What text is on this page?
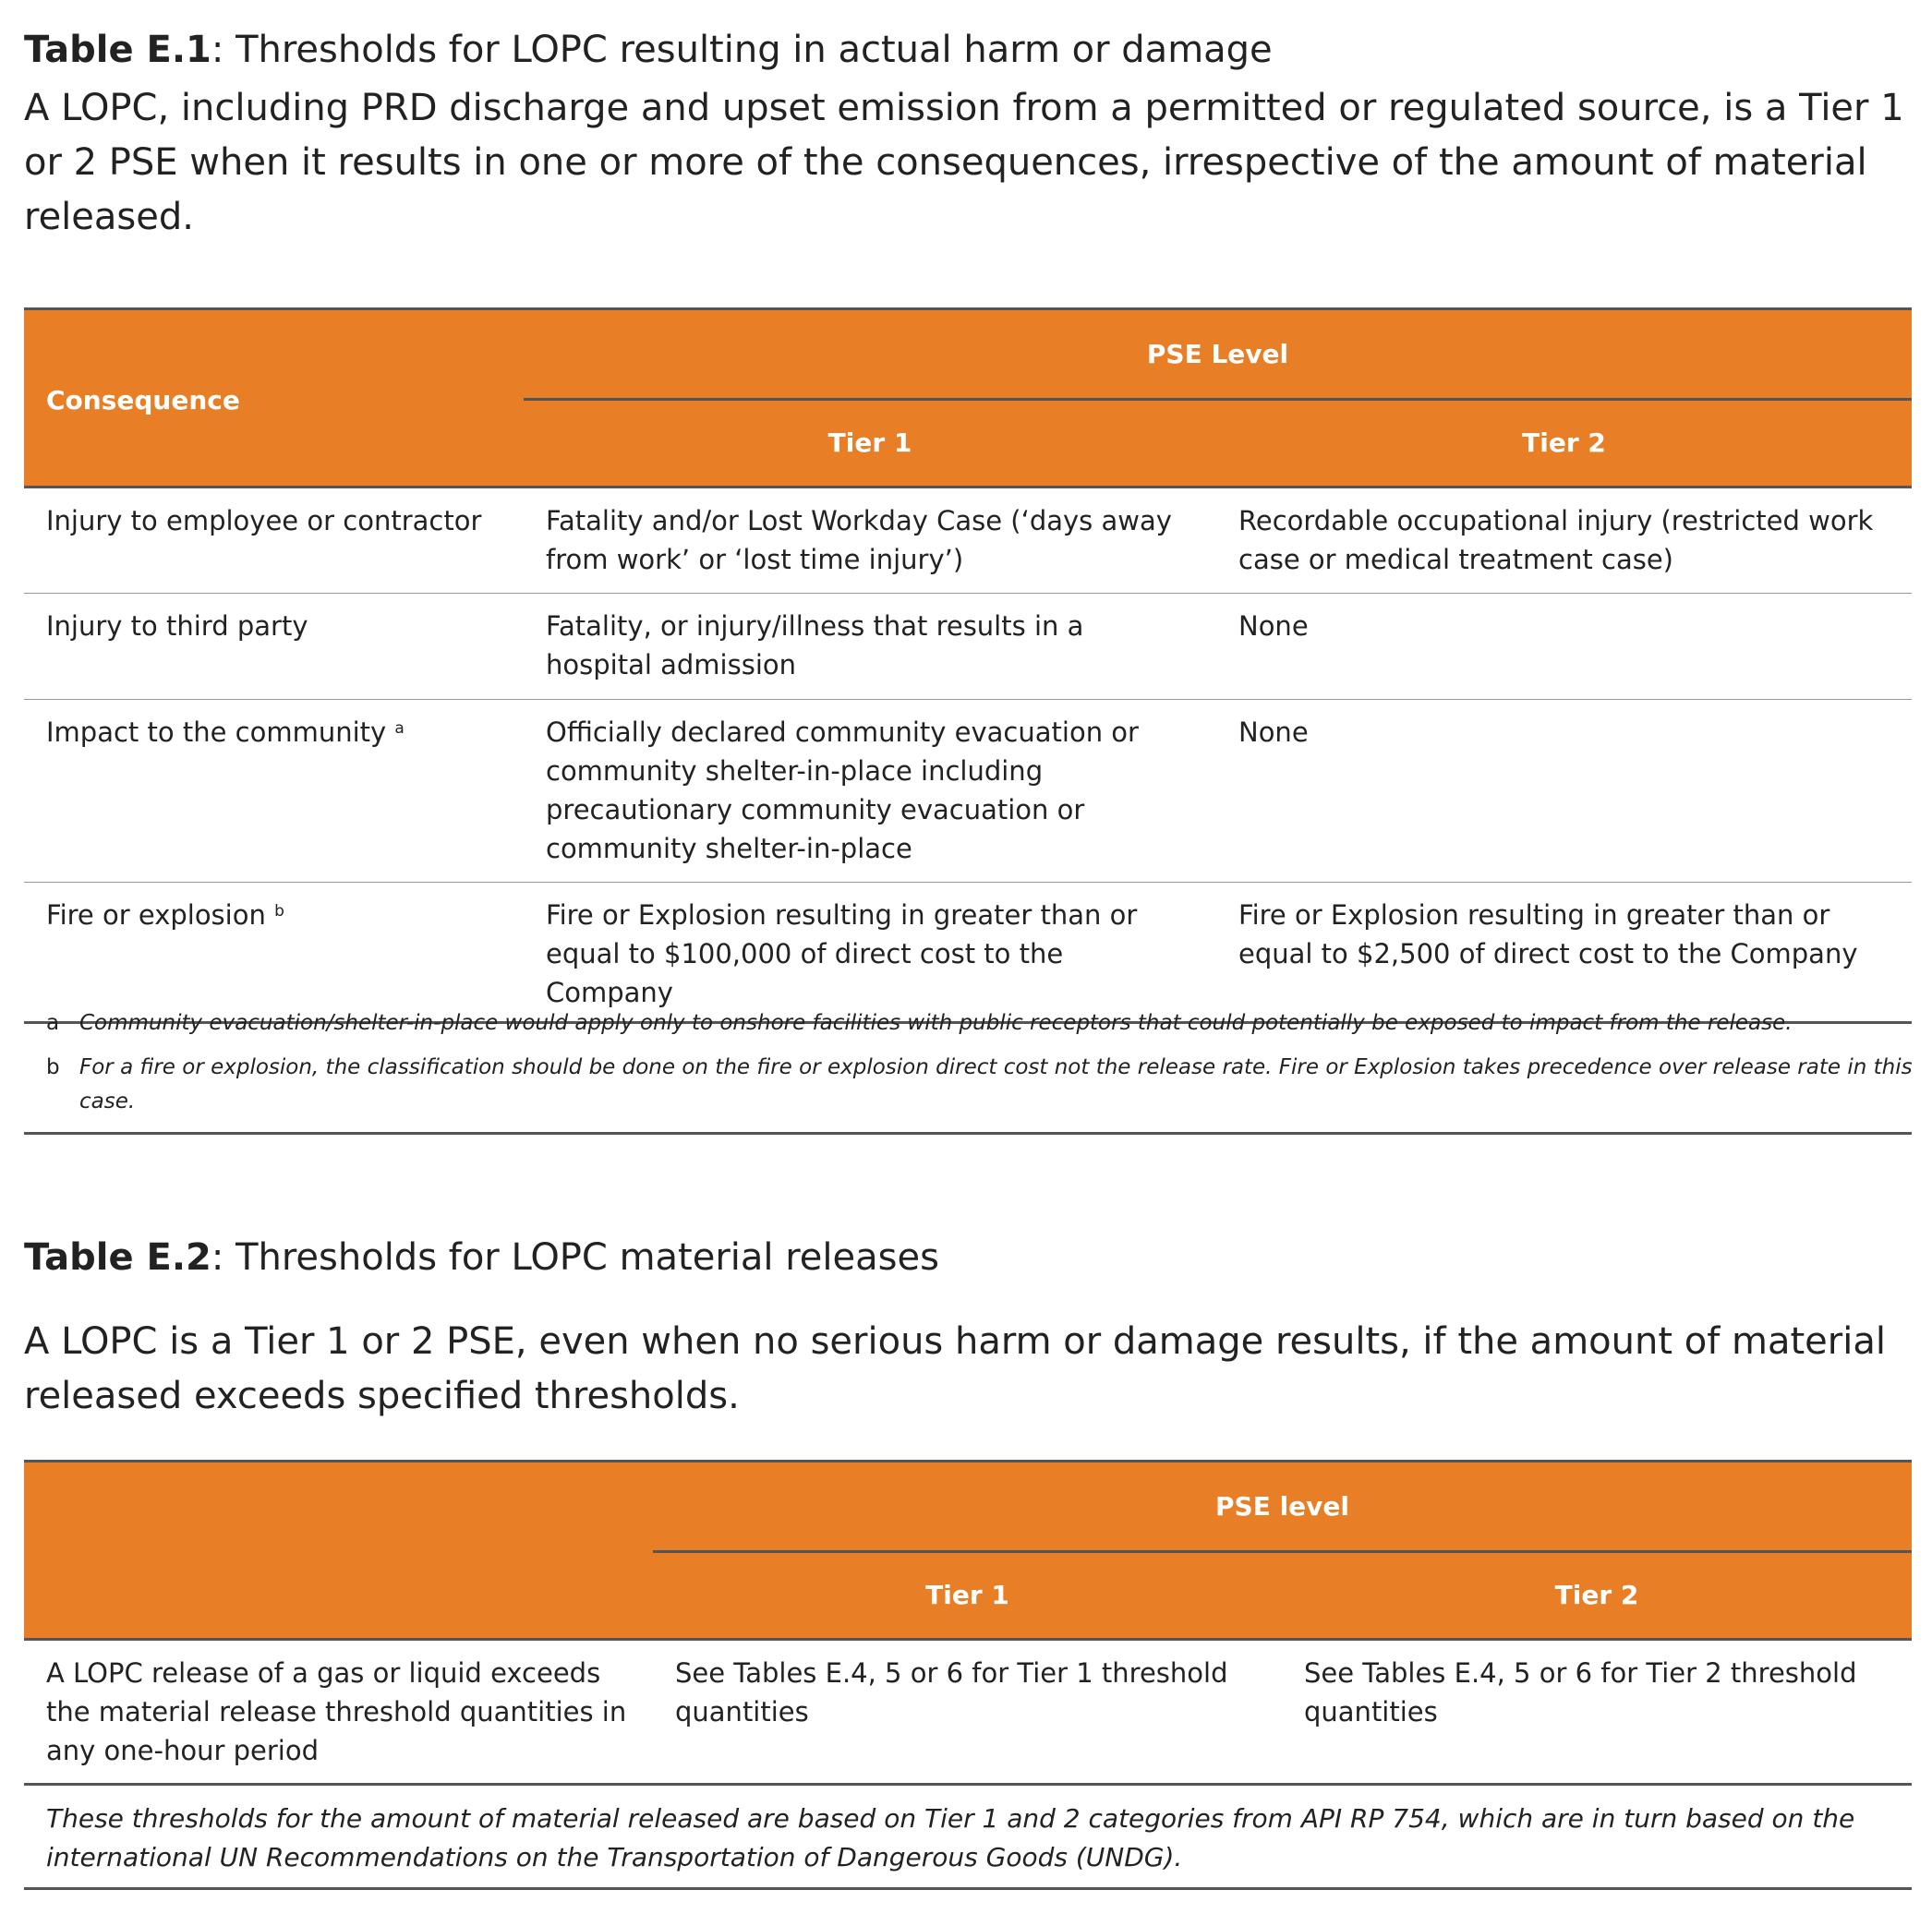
Table E.1: Thresholds for LOPC resulting in actual harm or damage
A LOPC, including PRD discharge and upset emission from a permitted or regulated source, is a Tier 1 or 2 PSE when it results in one or more of the consequences, irrespective of the amount of material released.
Consequence	PSE Level	
	Tier 1	Tier 2
Injury to employee or contractor	Fatality and/or Lost Workday Case (‘days away from work’ or ‘lost time injury’)	Recordable occupational injury (restricted work case or medical treatment case)
Injury to third party	Fatality, or injury/illness that results in a hospital admission	None
Impact to the community $^a$	Officially declared community evacuation or community shelter-in-place including precautionary community evacuation or community shelter-in-place	None
Fire or explosion $^b$	Fire or Explosion resulting in greater than or equal to $100,000 of direct cost to the Company	Fire or Explosion resulting in greater than or equal to $2,500 of direct cost to the Company
a Community evacuation/shelter-in-place would apply only to onshore facilities with public receptors that could potentially be exposed to impact from the release.
b For a fire or explosion, the classification should be done on the fire or explosion direct cost not the release rate. Fire or Explosion takes precedence over release rate in this case.
Table E.2: Thresholds for LOPC material releases
A LOPC is a Tier 1 or 2 PSE, even when no serious harm or damage results, if the amount of material released exceeds specified thresholds.
	PSE level	
	Tier 1	Tier 2
A LOPC release of a gas or liquid exceeds the material release threshold quantities in any one-hour period	See Tables E.4, 5 or 6 for Tier 1 threshold quantities	See Tables E.4, 5 or 6 for Tier 2 threshold quantities
These thresholds for the amount of material released are based on Tier 1 and 2 categories from API RP 754, which are in turn based on the international UN Recommendations on the Transportation of Dangerous Goods (UNDG).
